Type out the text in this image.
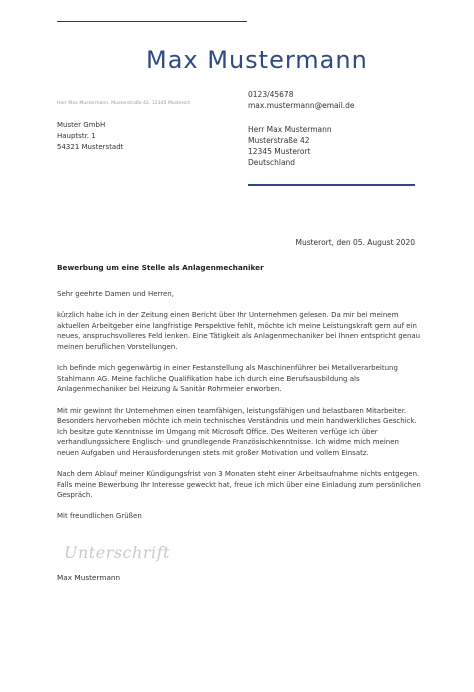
Max Mustermann
Herr Max Mustermann, Musterstraße 42, 12345 Musterort
0123/45678
max.mustermann@email.de
Muster GmbH
Hauptstr. 1
54321 Musterstadt
Herr Max Mustermann
Musterstraße 42
12345 Musterort
Deutschland
Musterort, den 05. August 2020
Bewerbung um eine Stelle als Anlagenmechaniker

Sehr geehrte Damen und Herren,

kürzlich habe ich in der Zeitung einen Bericht über Ihr Unternehmen gelesen. Da mir bei meinem aktuellen Arbeitgeber eine langfristige Perspektive fehlt, möchte ich meine Leistungskraft gern auf ein neues, anspruchsvolleres Feld lenken. Eine Tätigkeit als Anlagenmechaniker bei Ihnen entspricht genau meinen beruflichen Vorstellungen.

Ich befinde mich gegenwärtig in einer Festanstellung als Maschinenführer bei Metallverarbeitung Stahlmann AG. Meine fachliche Qualifikation habe ich durch eine Berufsausbildung als Anlagenmechaniker bei Heizung & Sanitär Rohrmeier erworben.

Mit mir gewinnt Ihr Unternehmen einen teamfähigen, leistungsfähigen und belastbaren Mitarbeiter. Besonders hervorheben möchte ich mein technisches Verständnis und mein handwerkliches Geschick. Ich besitze gute Kenntnisse im Umgang mit Microsoft Office. Des Weiteren verfüge ich über verhandlungssichere Englisch- und grundlegende Französischkenntnisse. Ich widme mich meinen neuen Aufgaben und Herausforderungen stets mit großer Motivation und vollem Einsatz.

Nach dem Ablauf meiner Kündigungsfrist von 3 Monaten steht einer Arbeitsaufnahme nichts entgegen. Falls meine Bewerbung Ihr Interesse geweckt hat, freue ich mich über eine Einladung zum persönlichen Gespräch.

Mit freundlichen Grüßen

Unterschrift
Max Mustermann
